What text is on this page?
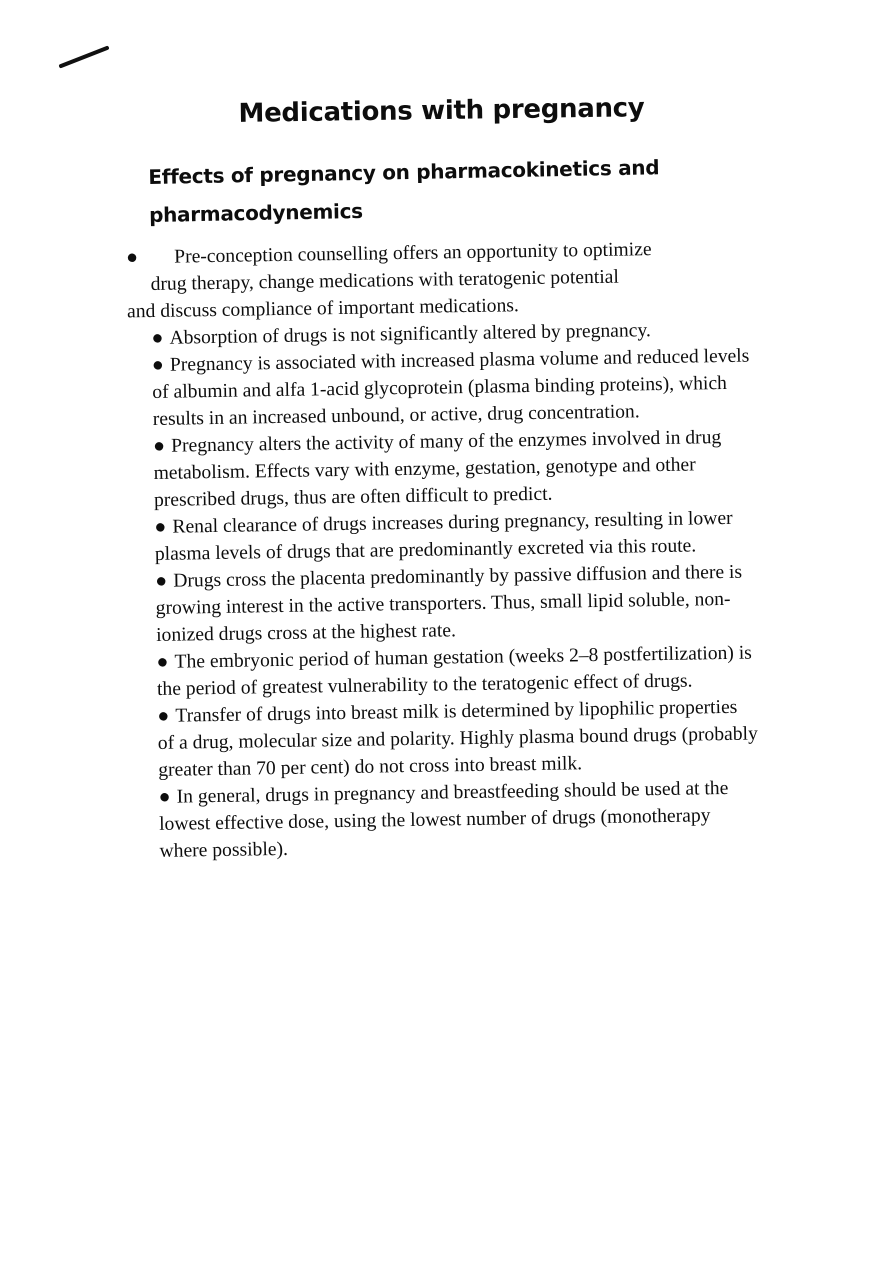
Medications with pregnancy
Effects of pregnancy on pharmacokinetics and pharmacodynemics

● Pre-conception counselling offers an opportunity to optimize
drug therapy, change medications with teratogenic potential
and discuss compliance of important medications.

● Absorption of drugs is not significantly altered by pregnancy.

● Pregnancy is associated with increased plasma volume and reduced levels of albumin and alfa 1-acid glycoprotein (plasma binding proteins), which results in an increased unbound, or active, drug concentration.

● Pregnancy alters the activity of many of the enzymes involved in drug metabolism. Effects vary with enzyme, gestation, genotype and other prescribed drugs, thus are often difficult to predict.

● Renal clearance of drugs increases during pregnancy, resulting in lower plasma levels of drugs that are predominantly excreted via this route.

● Drugs cross the placenta predominantly by passive diffusion and there is growing interest in the active transporters. Thus, small lipid soluble, non-ionized drugs cross at the highest rate.

● The embryonic period of human gestation (weeks 2–8 postfertilization) is the period of greatest vulnerability to the teratogenic effect of drugs.

● Transfer of drugs into breast milk is determined by lipophilic properties of a drug, molecular size and polarity. Highly plasma bound drugs (probably greater than 70 per cent) do not cross into breast milk.

● In general, drugs in pregnancy and breastfeeding should be used at the lowest effective dose, using the lowest number of drugs (monotherapy where possible).
